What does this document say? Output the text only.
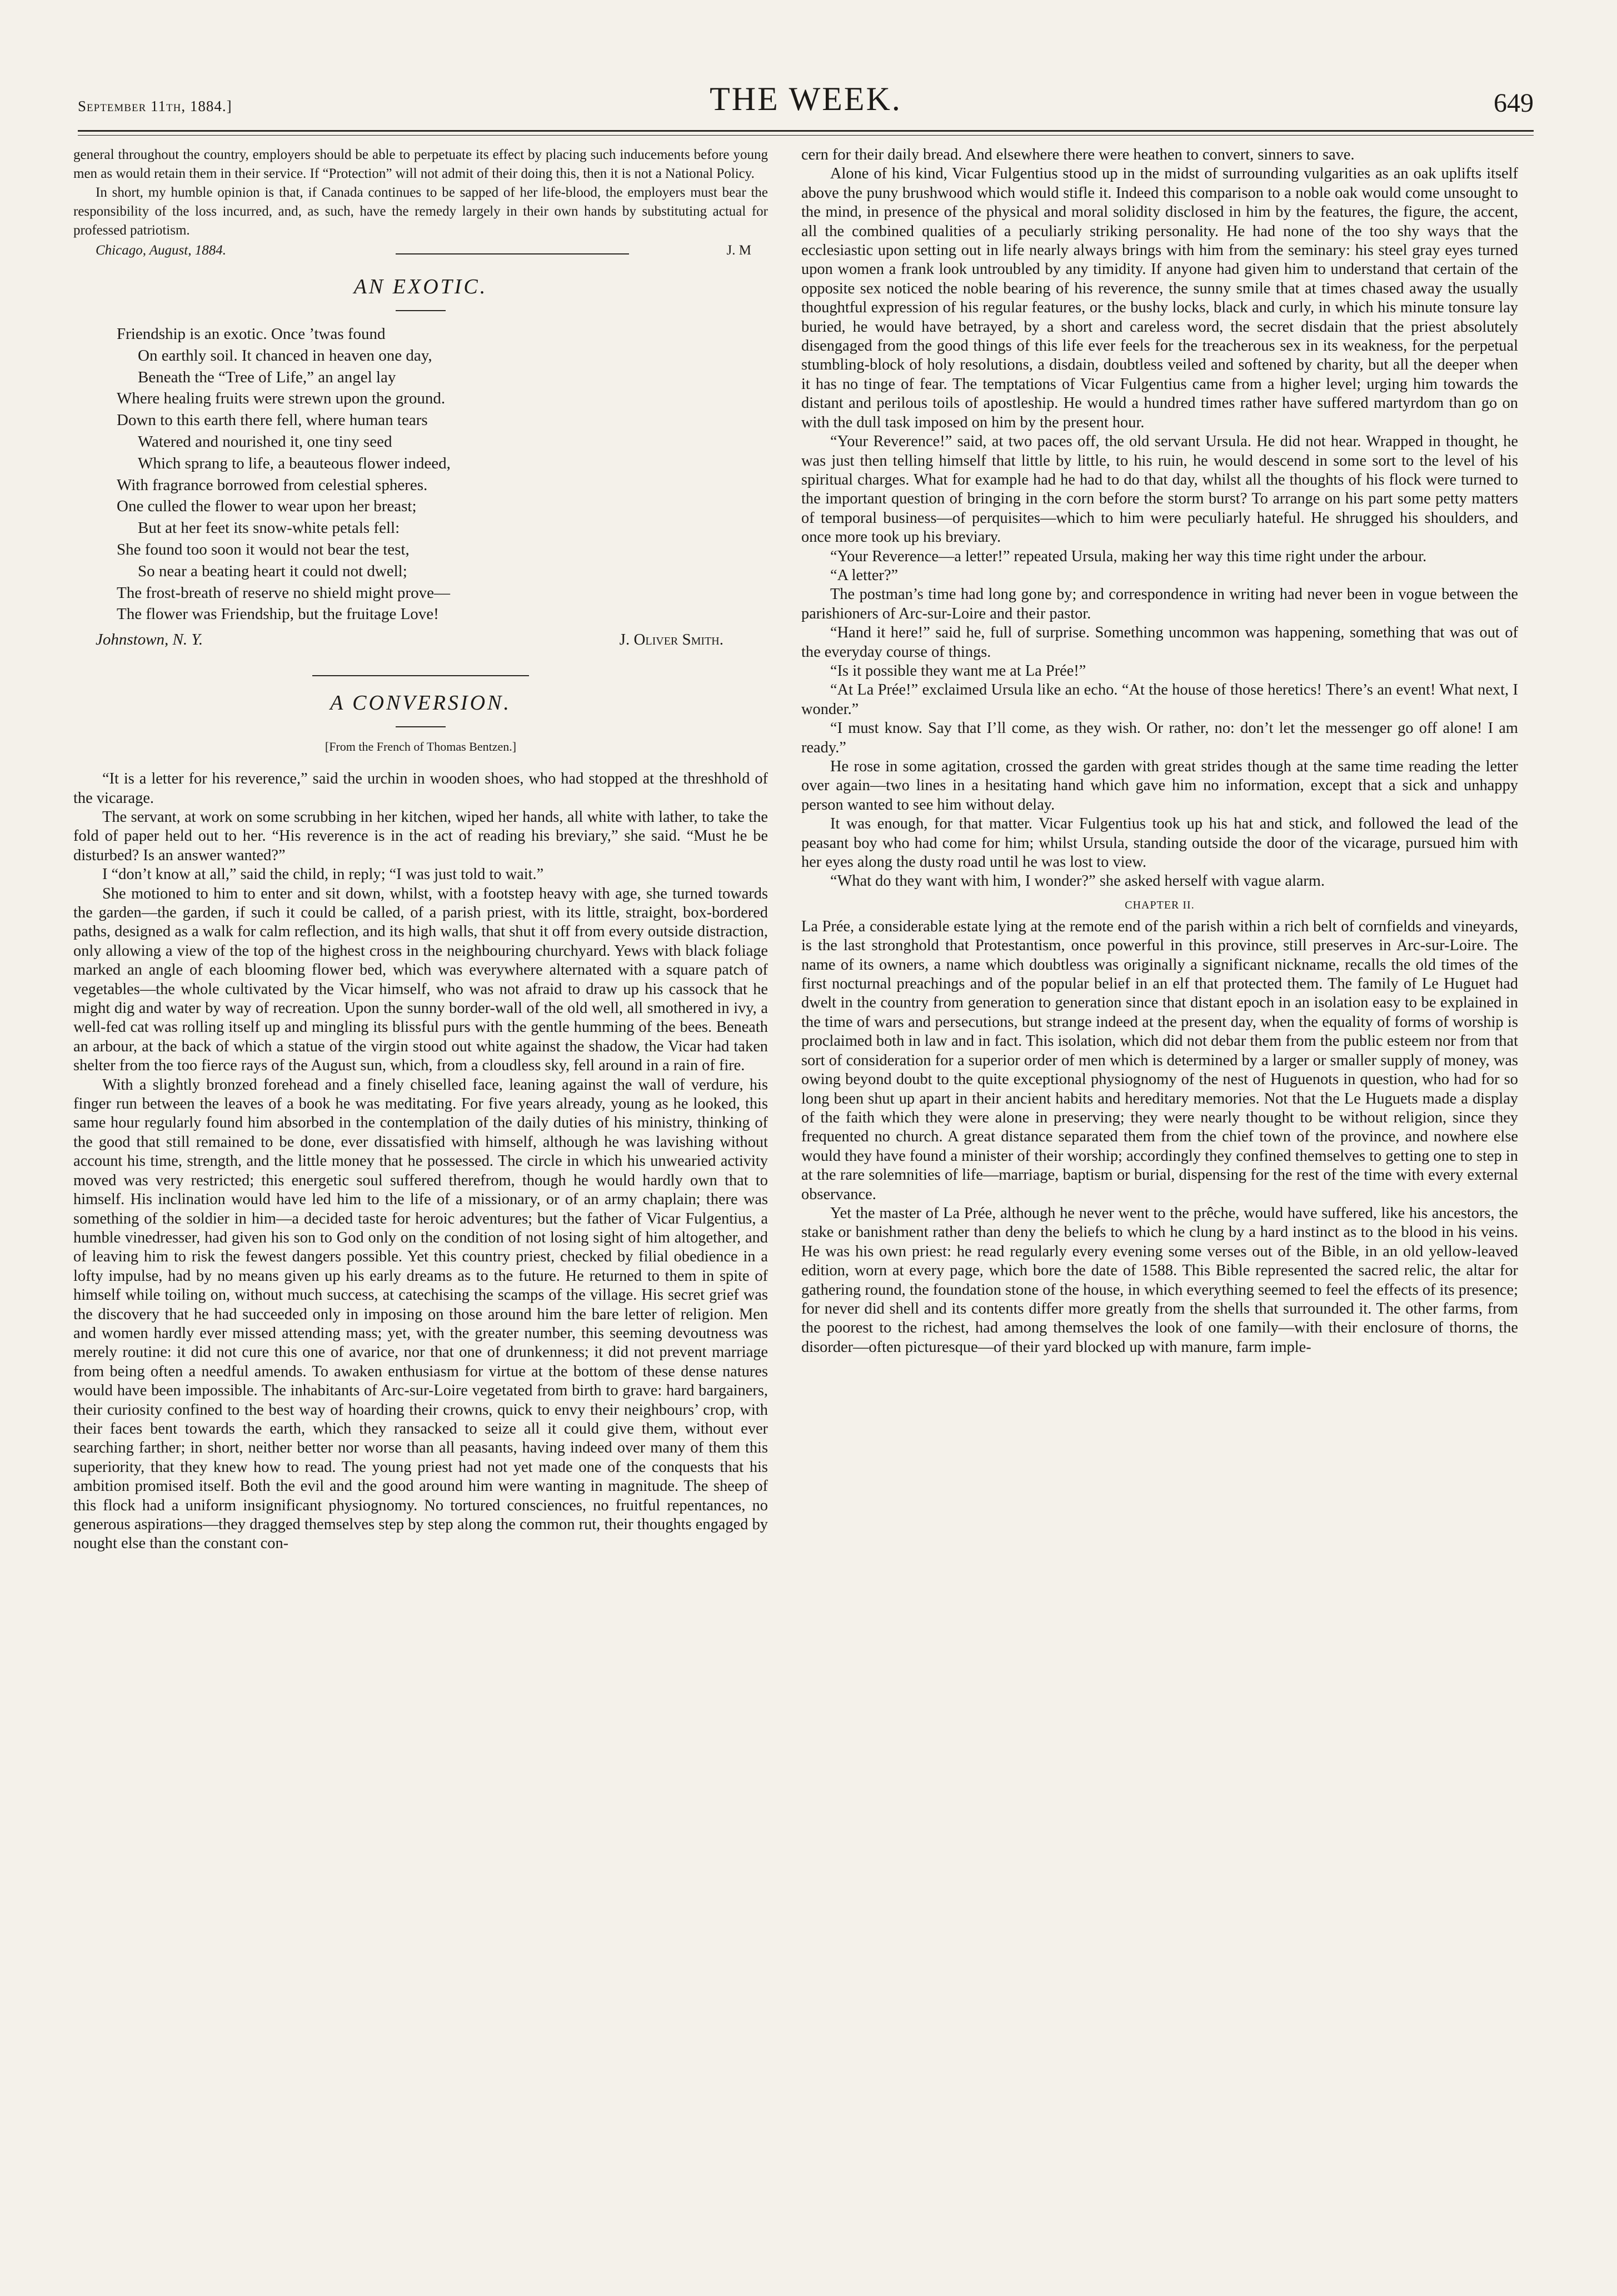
September 11th, 1884.]	THE WEEK.	649

general throughout the country, employers should be able to perpetuate its effect by placing such inducements before young men as would retain them in their service. If “Protection” will not admit of their doing this, then it is not a National Policy.

In short, my humble opinion is that, if Canada continues to be sapped of her life-blood, the employers must bear the responsibility of the loss incurred, and, as such, have the remedy largely in their own hands by substituting actual for professed patriotism.

Chicago, August, 1884.	J. M
AN EXOTIC.
Friendship is an exotic. Once ’twas found
On earthly soil. It chanced in heaven one day,
Beneath the “Tree of Life,” an angel lay
Where healing fruits were strewn upon the ground.
Down to this earth there fell, where human tears
Watered and nourished it, one tiny seed
Which sprang to life, a beauteous flower indeed,
With fragrance borrowed from celestial spheres.
One culled the flower to wear upon her breast;
But at her feet its snow-white petals fell:
She found too soon it would not bear the test,
So near a beating heart it could not dwell;
The frost-breath of reserve no shield might prove—
The flower was Friendship, but the fruitage Love!
Johnstown, N. Y.	J. Oliver Smith.
A CONVERSION.
[From the French of Thomas Bentzen.]

“It is a letter for his reverence,” said the urchin in wooden shoes, who had stopped at the threshhold of the vicarage.

The servant, at work on some scrubbing in her kitchen, wiped her hands, all white with lather, to take the fold of paper held out to her. “His reverence is in the act of reading his breviary,” she said. “Must he be disturbed? Is an answer wanted?”

I “don’t know at all,” said the child, in reply; “I was just told to wait.”

She motioned to him to enter and sit down, whilst, with a footstep heavy with age, she turned towards the garden—the garden, if such it could be called, of a parish priest, with its little, straight, box-bordered paths, designed as a walk for calm reflection, and its high walls, that shut it off from every outside distraction, only allowing a view of the top of the highest cross in the neighbouring churchyard. Yews with black foliage marked an angle of each blooming flower bed, which was everywhere alternated with a square patch of vegetables—the whole cultivated by the Vicar himself, who was not afraid to draw up his cassock that he might dig and water by way of recreation. Upon the sunny border-wall of the old well, all smothered in ivy, a well-fed cat was rolling itself up and mingling its blissful purs with the gentle humming of the bees. Beneath an arbour, at the back of which a statue of the virgin stood out white against the shadow, the Vicar had taken shelter from the too fierce rays of the August sun, which, from a cloudless sky, fell around in a rain of fire.

With a slightly bronzed forehead and a finely chiselled face, leaning against the wall of verdure, his finger run between the leaves of a book he was meditating. For five years already, young as he looked, this same hour regularly found him absorbed in the contemplation of the daily duties of his ministry, thinking of the good that still remained to be done, ever dissatisfied with himself, although he was lavishing without account his time, strength, and the little money that he possessed. The circle in which his unwearied activity moved was very restricted; this energetic soul suffered therefrom, though he would hardly own that to himself. His inclination would have led him to the life of a missionary, or of an army chaplain; there was something of the soldier in him—a decided taste for heroic adventures; but the father of Vicar Fulgentius, a humble vinedresser, had given his son to God only on the condition of not losing sight of him altogether, and of leaving him to risk the fewest dangers possible. Yet this country priest, checked by filial obedience in a lofty impulse, had by no means given up his early dreams as to the future. He returned to them in spite of himself while toiling on, without much success, at catechising the scamps of the village. His secret grief was the discovery that he had succeeded only in imposing on those around him the bare letter of religion. Men and women hardly ever missed attending mass; yet, with the greater number, this seeming devoutness was merely routine: it did not cure this one of avarice, nor that one of drunkenness; it did not prevent marriage from being often a needful amends. To awaken enthusiasm for virtue at the bottom of these dense natures would have been impossible. The inhabitants of Arc-sur-Loire vegetated from birth to grave: hard bargainers, their curiosity confined to the best way of hoarding their crowns, quick to envy their neighbours’ crop, with their faces bent towards the earth, which they ransacked to seize all it could give them, without ever searching farther; in short, neither better nor worse than all peasants, having indeed over many of them this superiority, that they knew how to read. The young priest had not yet made one of the conquests that his ambition promised itself. Both the evil and the good around him were wanting in magnitude. The sheep of this flock had a uniform insignificant physiognomy. No tortured consciences, no fruitful repentances, no generous aspirations—they dragged themselves step by step along the common rut, their thoughts engaged by nought else than the constant con-

cern for their daily bread. And elsewhere there were heathen to convert, sinners to save.

Alone of his kind, Vicar Fulgentius stood up in the midst of surrounding vulgarities as an oak uplifts itself above the puny brushwood which would stifle it. Indeed this comparison to a noble oak would come unsought to the mind, in presence of the physical and moral solidity disclosed in him by the features, the figure, the accent, all the combined qualities of a peculiarly striking personality. He had none of the too shy ways that the ecclesiastic upon setting out in life nearly always brings with him from the seminary: his steel gray eyes turned upon women a frank look untroubled by any timidity. If anyone had given him to understand that certain of the opposite sex noticed the noble bearing of his reverence, the sunny smile that at times chased away the usually thoughtful expression of his regular features, or the bushy locks, black and curly, in which his minute tonsure lay buried, he would have betrayed, by a short and careless word, the secret disdain that the priest absolutely disengaged from the good things of this life ever feels for the treacherous sex in its weakness, for the perpetual stumbling-block of holy resolutions, a disdain, doubtless veiled and softened by charity, but all the deeper when it has no tinge of fear. The temptations of Vicar Fulgentius came from a higher level; urging him towards the distant and perilous toils of apostleship. He would a hundred times rather have suffered martyrdom than go on with the dull task imposed on him by the present hour.

“Your Reverence!” said, at two paces off, the old servant Ursula. He did not hear. Wrapped in thought, he was just then telling himself that little by little, to his ruin, he would descend in some sort to the level of his spiritual charges. What for example had he had to do that day, whilst all the thoughts of his flock were turned to the important question of bringing in the corn before the storm burst? To arrange on his part some petty matters of temporal business—of perquisites—which to him were peculiarly hateful. He shrugged his shoulders, and once more took up his breviary.

“Your Reverence—a letter!” repeated Ursula, making her way this time right under the arbour.

“A letter?”

The postman’s time had long gone by; and correspondence in writing had never been in vogue between the parishioners of Arc-sur-Loire and their pastor.

“Hand it here!” said he, full of surprise. Something uncommon was happening, something that was out of the everyday course of things.

“Is it possible they want me at La Prée!”

“At La Prée!” exclaimed Ursula like an echo. “At the house of those heretics! There’s an event! What next, I wonder.”

“I must know. Say that I’ll come, as they wish. Or rather, no: don’t let the messenger go off alone! I am ready.”

He rose in some agitation, crossed the garden with great strides though at the same time reading the letter over again—two lines in a hesitating hand which gave him no information, except that a sick and unhappy person wanted to see him without delay.

It was enough, for that matter. Vicar Fulgentius took up his hat and stick, and followed the lead of the peasant boy who had come for him; whilst Ursula, standing outside the door of the vicarage, pursued him with her eyes along the dusty road until he was lost to view.

“What do they want with him, I wonder?” she asked herself with vague alarm.

CHAPTER II.

La Prée, a considerable estate lying at the remote end of the parish within a rich belt of cornfields and vineyards, is the last stronghold that Protestantism, once powerful in this province, still preserves in Arc-sur-Loire. The name of its owners, a name which doubtless was originally a significant nickname, recalls the old times of the first nocturnal preachings and of the popular belief in an elf that protected them. The family of Le Huguet had dwelt in the country from generation to generation since that distant epoch in an isolation easy to be explained in the time of wars and persecutions, but strange indeed at the present day, when the equality of forms of worship is proclaimed both in law and in fact. This isolation, which did not debar them from the public esteem nor from that sort of consideration for a superior order of men which is determined by a larger or smaller supply of money, was owing beyond doubt to the quite exceptional physiognomy of the nest of Huguenots in question, who had for so long been shut up apart in their ancient habits and hereditary memories. Not that the Le Huguets made a display of the faith which they were alone in preserving; they were nearly thought to be without religion, since they frequented no church. A great distance separated them from the chief town of the province, and nowhere else would they have found a minister of their worship; accordingly they confined themselves to getting one to step in at the rare solemnities of life—marriage, baptism or burial, dispensing for the rest of the time with every external observance.

Yet the master of La Prée, although he never went to the prêche, would have suffered, like his ancestors, the stake or banishment rather than deny the beliefs to which he clung by a hard instinct as to the blood in his veins. He was his own priest: he read regularly every evening some verses out of the Bible, in an old yellow-leaved edition, worn at every page, which bore the date of 1588. This Bible represented the sacred relic, the altar for gathering round, the foundation stone of the house, in which everything seemed to feel the effects of its presence; for never did shell and its contents differ more greatly from the shells that surrounded it. The other farms, from the poorest to the richest, had among themselves the look of one family—with their enclosure of thorns, the disorder—often picturesque—of their yard blocked up with manure, farm imple-
